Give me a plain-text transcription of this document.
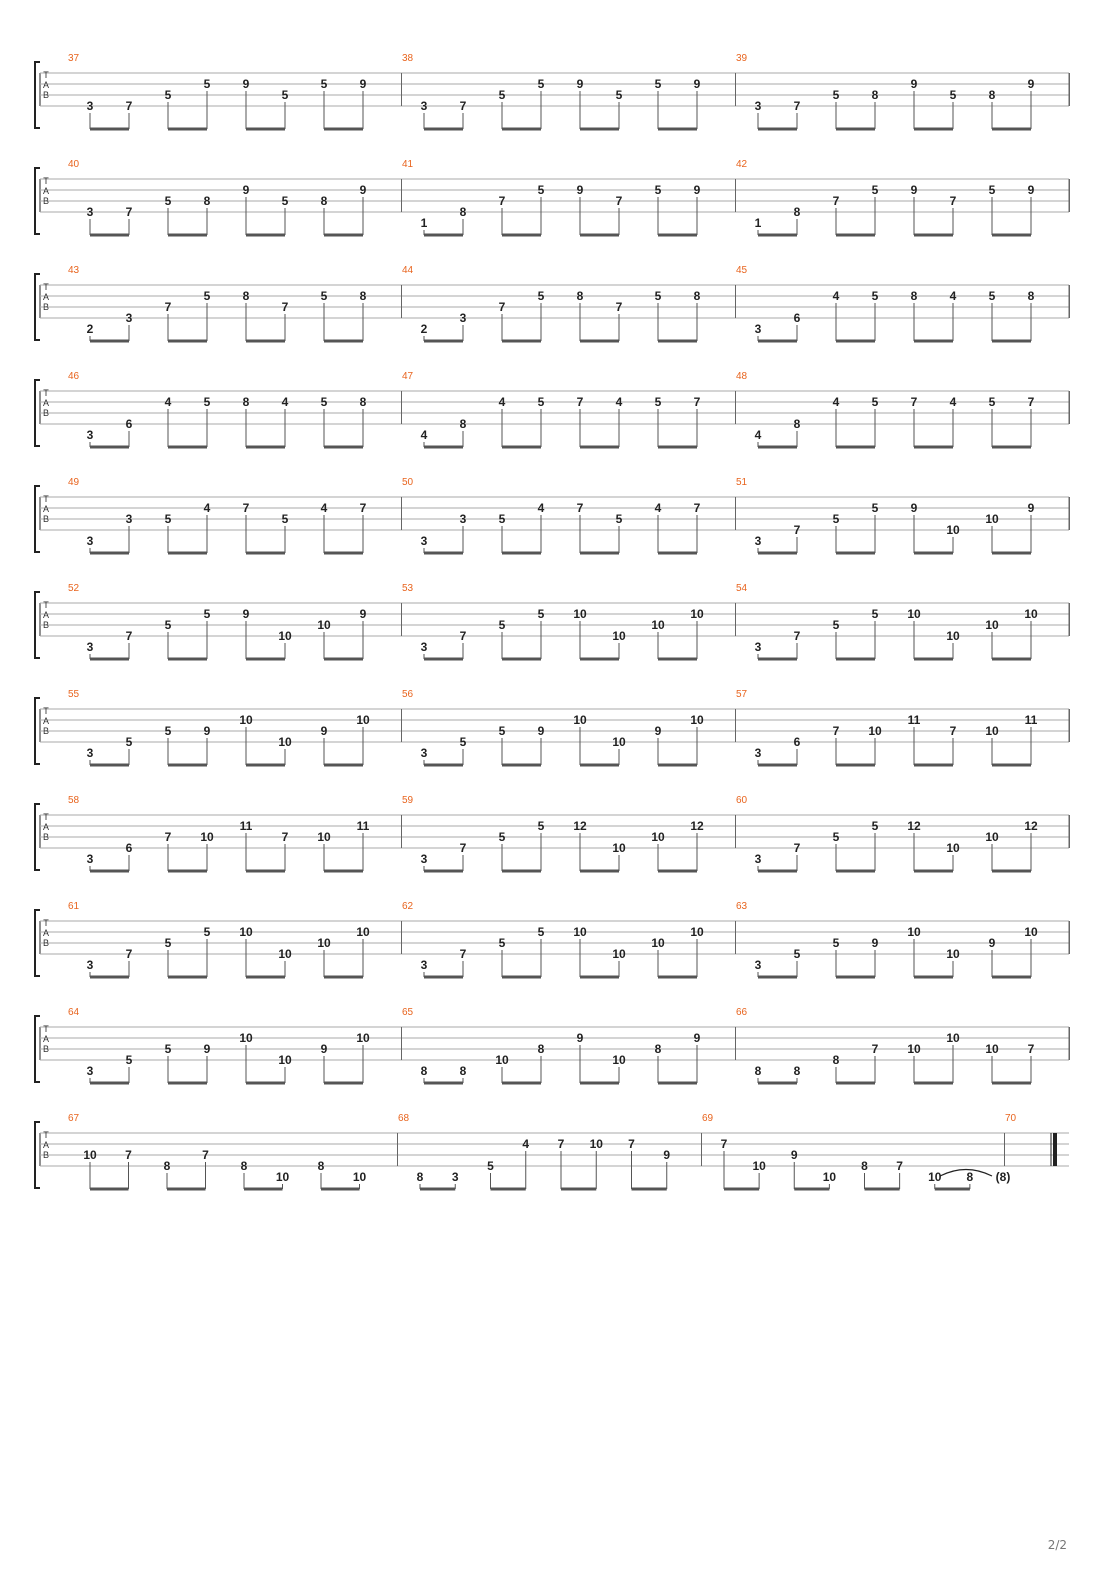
T
A
B
37
3	7
5
5	9
5
5	9
38
3	7
5
5	9
5
5	9
39
3	7
5	8
9
5	8
9
T
A
B
40
3	7
5	8
9
5	8
9
41
1
8
7
5	9
7
5	9
42
1
8
7
5	9
7
5	9
T
A
B
43
2
3
7
5	8
7
5	8
44
2
3
7
5	8
7
5	8
45
3
6
4	5	8	4	5	8
T
A
B
46
3
6
4	5	8	4	5	8
47
4
8
4	5	7	4	5	7
48
4
8
4	5	7	4	5	7
T
A
B
49
3
3	5
4	7
5
4	7
50
3
3	5
4	7
5
4	7
51
3
7
5
5	9
10
10
9
T
A
B
52
3
7
5
5	9
10
10
9
53
3
7
5
5 10
10
10
10
54
3
7
5
5 10
10
10
10
T
A
B
55
3
5
5	9
10
10
9
10
56
3
5
5	9
10
10
9
10
57
3
6
7 10
11
7 10
11
T
A
B
58
3
6
7 10
11
7 10
11
59
3
7
5
5 12
10
10
12
60
3
7
5
5 12
10
10
12
T
A
B
61
3
7
5
5 10
10
10
10
62
3
7
5
5 10
10
10
10
63
3
5
5	9
10
10
9
10
T
A
B
64
3
5
5	9
10
10
9
10
65
8	8
10
8
9
10
8
9
66
8	8
8
7 10
10
10 7
T
A
B
67
10 7
8
7
8
10
8
10
68
8 3
5
4 7 10 7
9
69
7
10
9
10
8 7
10 8
70
(8)
2/2
